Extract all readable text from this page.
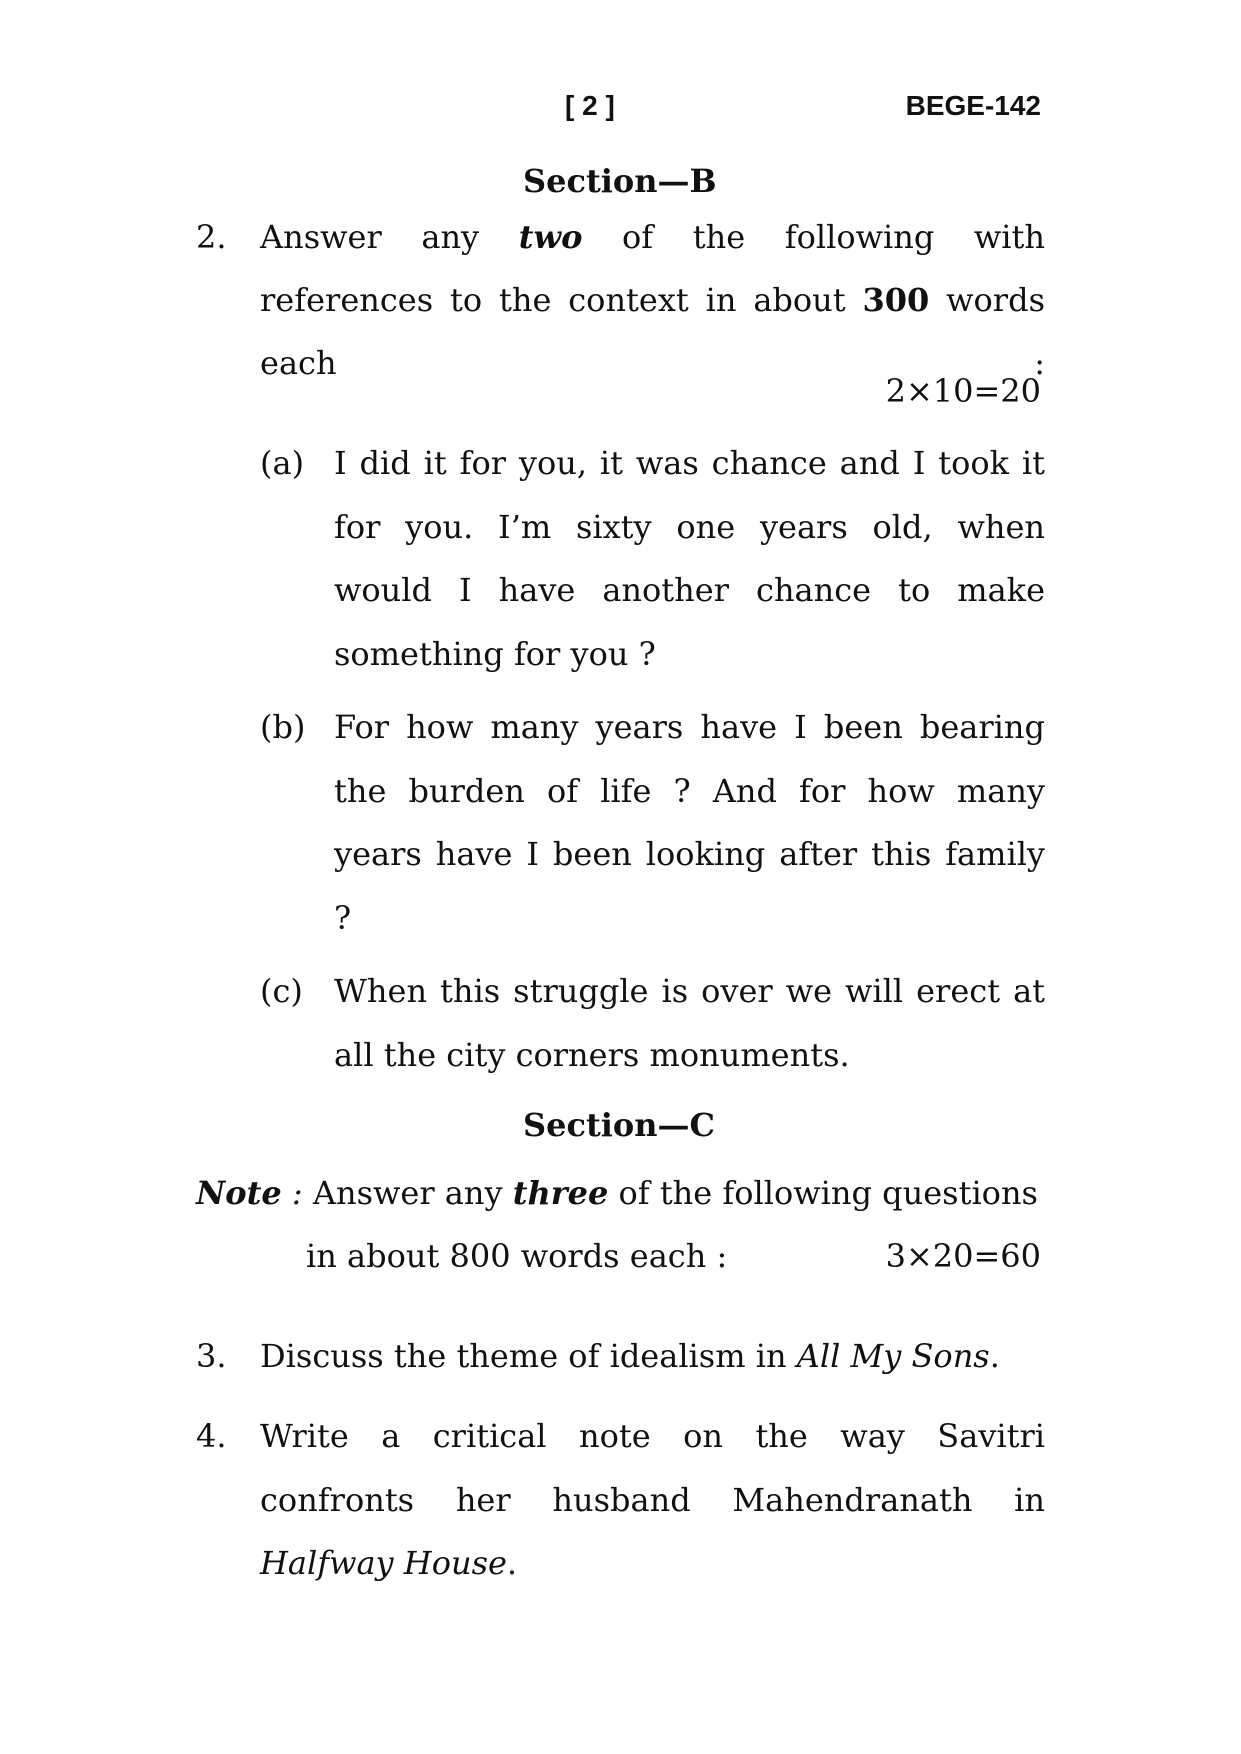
[ 2 ]	BEGE-142
Section—B
2. Answer any two of the following with references to the context in about 300 words each :
2×10=20
(a) I did it for you, it was chance and I took it for you. I’m sixty one years old, when would I have another chance to make something for you ?
(b) For how many years have I been bearing the burden of life ? And for how many years have I been looking after this family ?
(c) When this struggle is over we will erect at all the city corners monuments.
Section—C
Note : Answer any three of the following questions
in about 800 words each :	3×20=60
3. Discuss the theme of idealism in All My Sons.
4. Write a critical note on the way Savitri confronts her husband Mahendranath in Halfway House.
